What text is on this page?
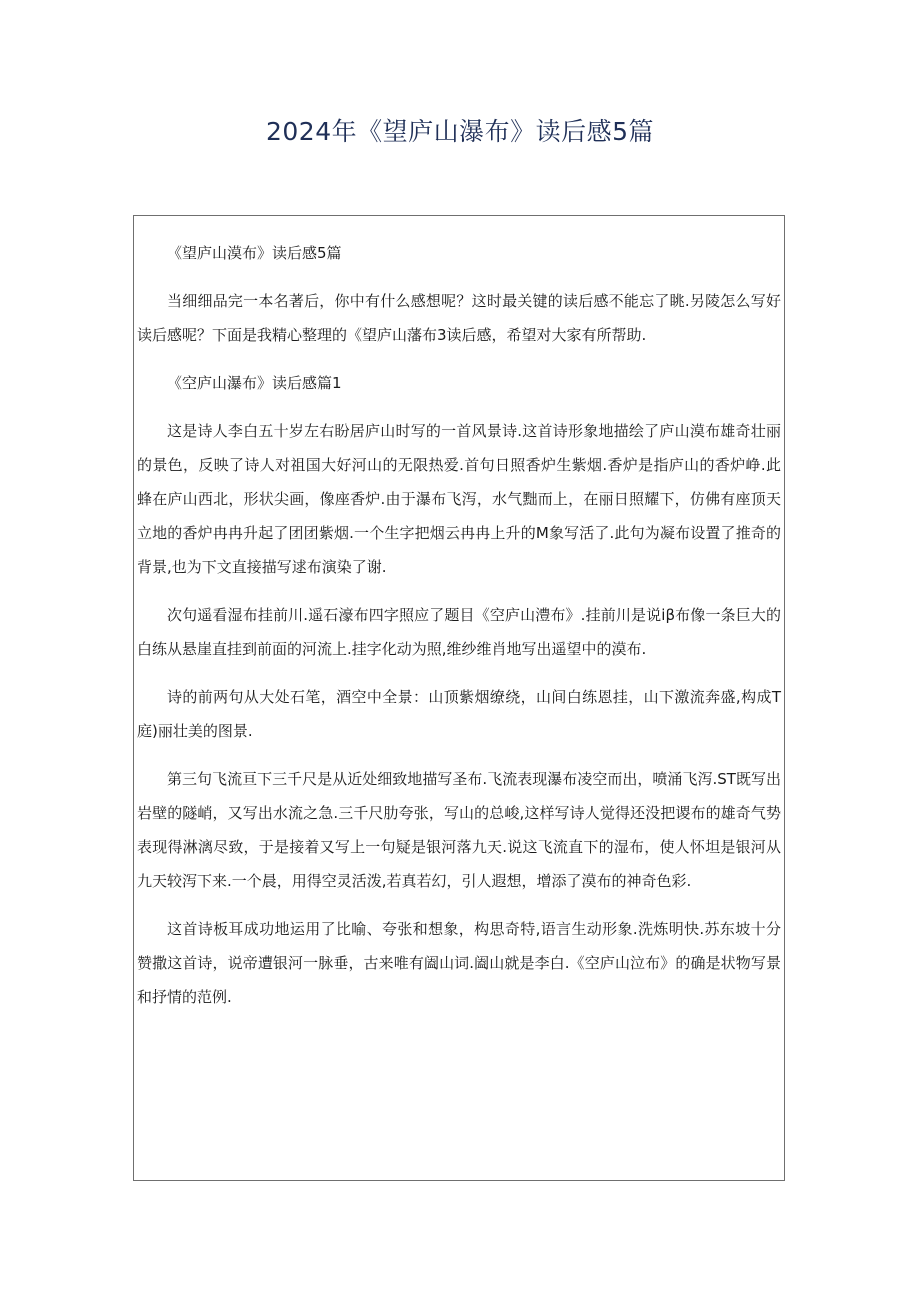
2024年《望庐山瀑布》读后感5篇

《望庐山漠布》读后感5篇

当细细品完一本名著后，你中有什么感想呢？这时最关键的读后感不能忘了眺.另陵怎么写好读后感呢？下面是我精心整理的《望庐山藩布3读后感，希望对大家有所帮助.

《空庐山瀑布》读后感篇1

这是诗人李白五十岁左右盼居庐山时写的一首风景诗.这首诗形象地描绘了庐山漠布雄奇壮丽的景色，反映了诗人对祖国大好河山的无限热爱.首句日照香炉生紫烟.香炉是指庐山的香炉峥.此蜂在庐山西北，形状尖画，像座香炉.由于瀑布飞泻，水气黜而上，在丽日照耀下，仿佛有座顶天立地的香炉冉冉升起了团团紫烟.一个生字把烟云冉冉上升的M象写活了.此句为凝布设置了推奇的背景,也为下文直接描写逑布演染了谢.

次句遥看湿布挂前川.遥石濠布四字照应了题目《空庐山澧布》.挂前川是说iβ布像一条巨大的白练从悬崖直挂到前面的河流上.挂字化动为照,维纱维肖地写出遥望中的漠布.

诗的前两句从大处石笔，酒空中全景：山顶紫烟缭绕，山间白练恩挂，山下激流奔盛,构成T庭)丽壮美的图景.

第三句飞流亘下三千尺是从近处细致地描写圣布.飞流表现瀑布凌空而出，喷涌飞泻.ST既写出岩壁的隧峭，又写出水流之急.三千尺肋夸张，写山的总峻,这样写诗人觉得还没把谡布的雄奇气势表现得淋漓尽致，于是接着又写上一句疑是银河落九天.说这飞流直下的湿布，使人怀坦是银河从九天较泻下来.一个晨，用得空灵活泼,若真若幻，引人遐想，增添了漠布的神奇色彩.

这首诗板耳成功地运用了比喻、夸张和想象，构思奇特,语言生动形象.洗炼明快.苏东坡十分赞撒这首诗，说帝遭银河一脉垂，古来唯有阖山词.阖山就是李白.《空庐山泣布》的确是状物写景和抒情的范例.
